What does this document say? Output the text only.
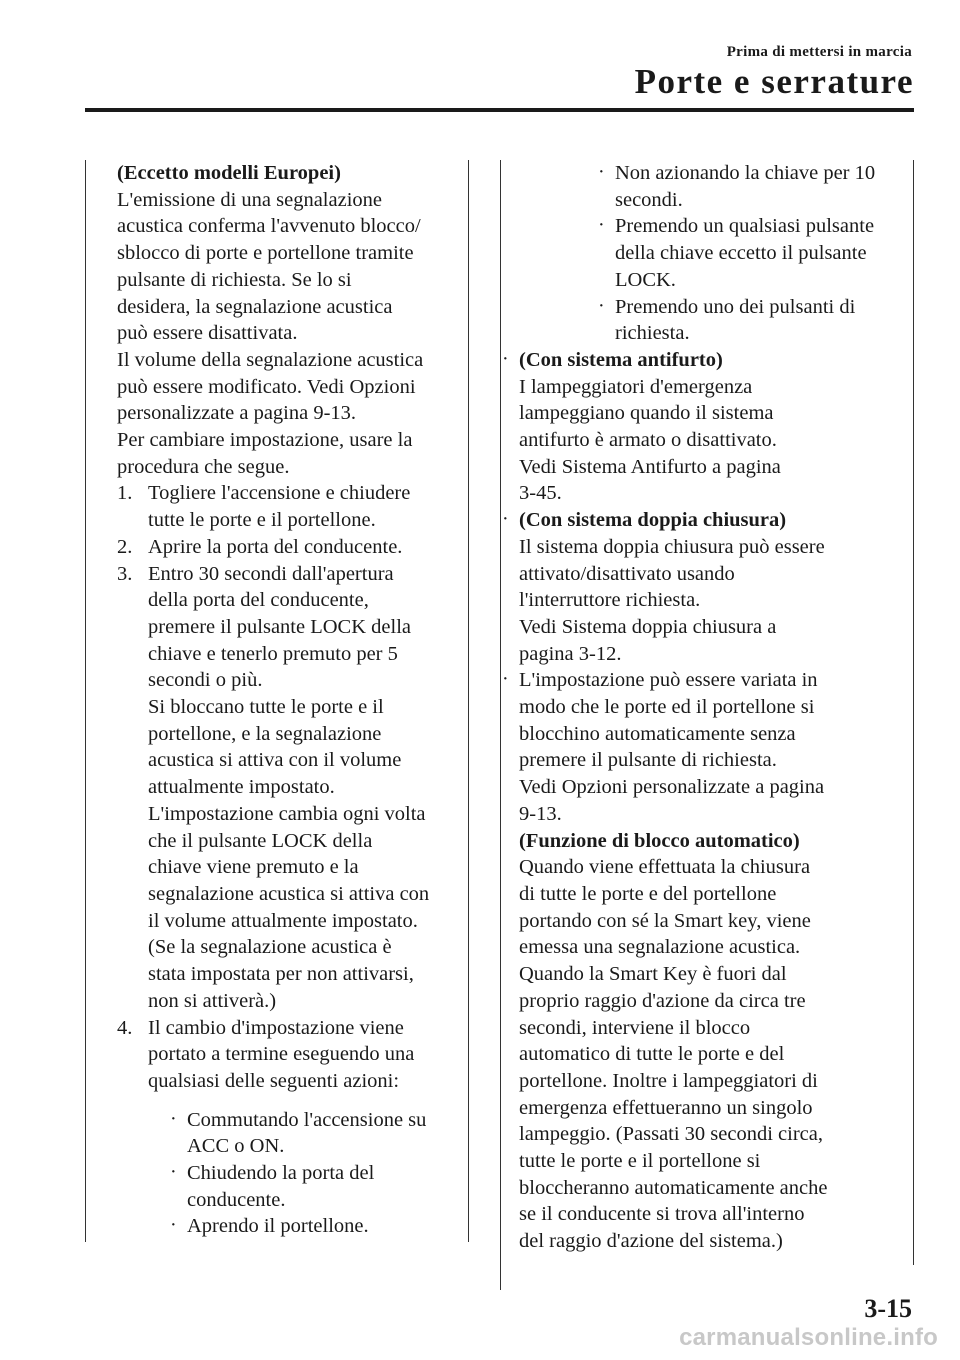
Prima di mettersi in marcia
Porte e serrature

(Eccetto modelli Europei)

L'emissione di una segnalazione

acustica conferma l'avvenuto blocco/

sblocco di porte e portellone tramite

pulsante di richiesta. Se lo si

desidera, la segnalazione acustica

può essere disattivata.

Il volume della segnalazione acustica

può essere modificato. Vedi Opzioni

personalizzate a pagina 9-13.

Per cambiare impostazione, usare la

procedura che segue.

1. Togliere l'accensione e chiudere

tutte le porte e il portellone.

2. Aprire la porta del conducente.

3. Entro 30 secondi dall'apertura

della porta del conducente,

premere il pulsante LOCK della

chiave e tenerlo premuto per 5

secondi o più.

Si bloccano tutte le porte e il

portellone, e la segnalazione

acustica si attiva con il volume

attualmente impostato.

L'impostazione cambia ogni volta

che il pulsante LOCK della

chiave viene premuto e la

segnalazione acustica si attiva con

il volume attualmente impostato.

(Se la segnalazione acustica è

stata impostata per non attivarsi,

non si attiverà.)

4. Il cambio d'impostazione viene

portato a termine eseguendo una

qualsiasi delle seguenti azioni:

· Commutando l'accensione su

ACC o ON.

· Chiudendo la porta del

conducente.

· Aprendo il portellone.

· Non azionando la chiave per 10

secondi.

· Premendo un qualsiasi pulsante

della chiave eccetto il pulsante

LOCK.

· Premendo uno dei pulsanti di

richiesta.

· (Con sistema antifurto)

I lampeggiatori d'emergenza

lampeggiano quando il sistema

antifurto è armato o disattivato.

Vedi Sistema Antifurto a pagina

3-45.

· (Con sistema doppia chiusura)

Il sistema doppia chiusura può essere

attivato/disattivato usando

l'interruttore richiesta.

Vedi Sistema doppia chiusura a

pagina 3-12.

· L'impostazione può essere variata in

modo che le porte ed il portellone si

blocchino automaticamente senza

premere il pulsante di richiesta.

Vedi Opzioni personalizzate a pagina

9-13.

(Funzione di blocco automatico)

Quando viene effettuata la chiusura

di tutte le porte e del portellone

portando con sé la Smart key, viene

emessa una segnalazione acustica.

Quando la Smart Key è fuori dal

proprio raggio d'azione da circa tre

secondi, interviene il blocco

automatico di tutte le porte e del

portellone. Inoltre i lampeggiatori di

emergenza effettueranno un singolo

lampeggio. (Passati 30 secondi circa,

tutte le porte e il portellone si

bloccheranno automaticamente anche

se il conducente si trova all'interno

del raggio d'azione del sistema.)

3-15
carmanualsonline.info
